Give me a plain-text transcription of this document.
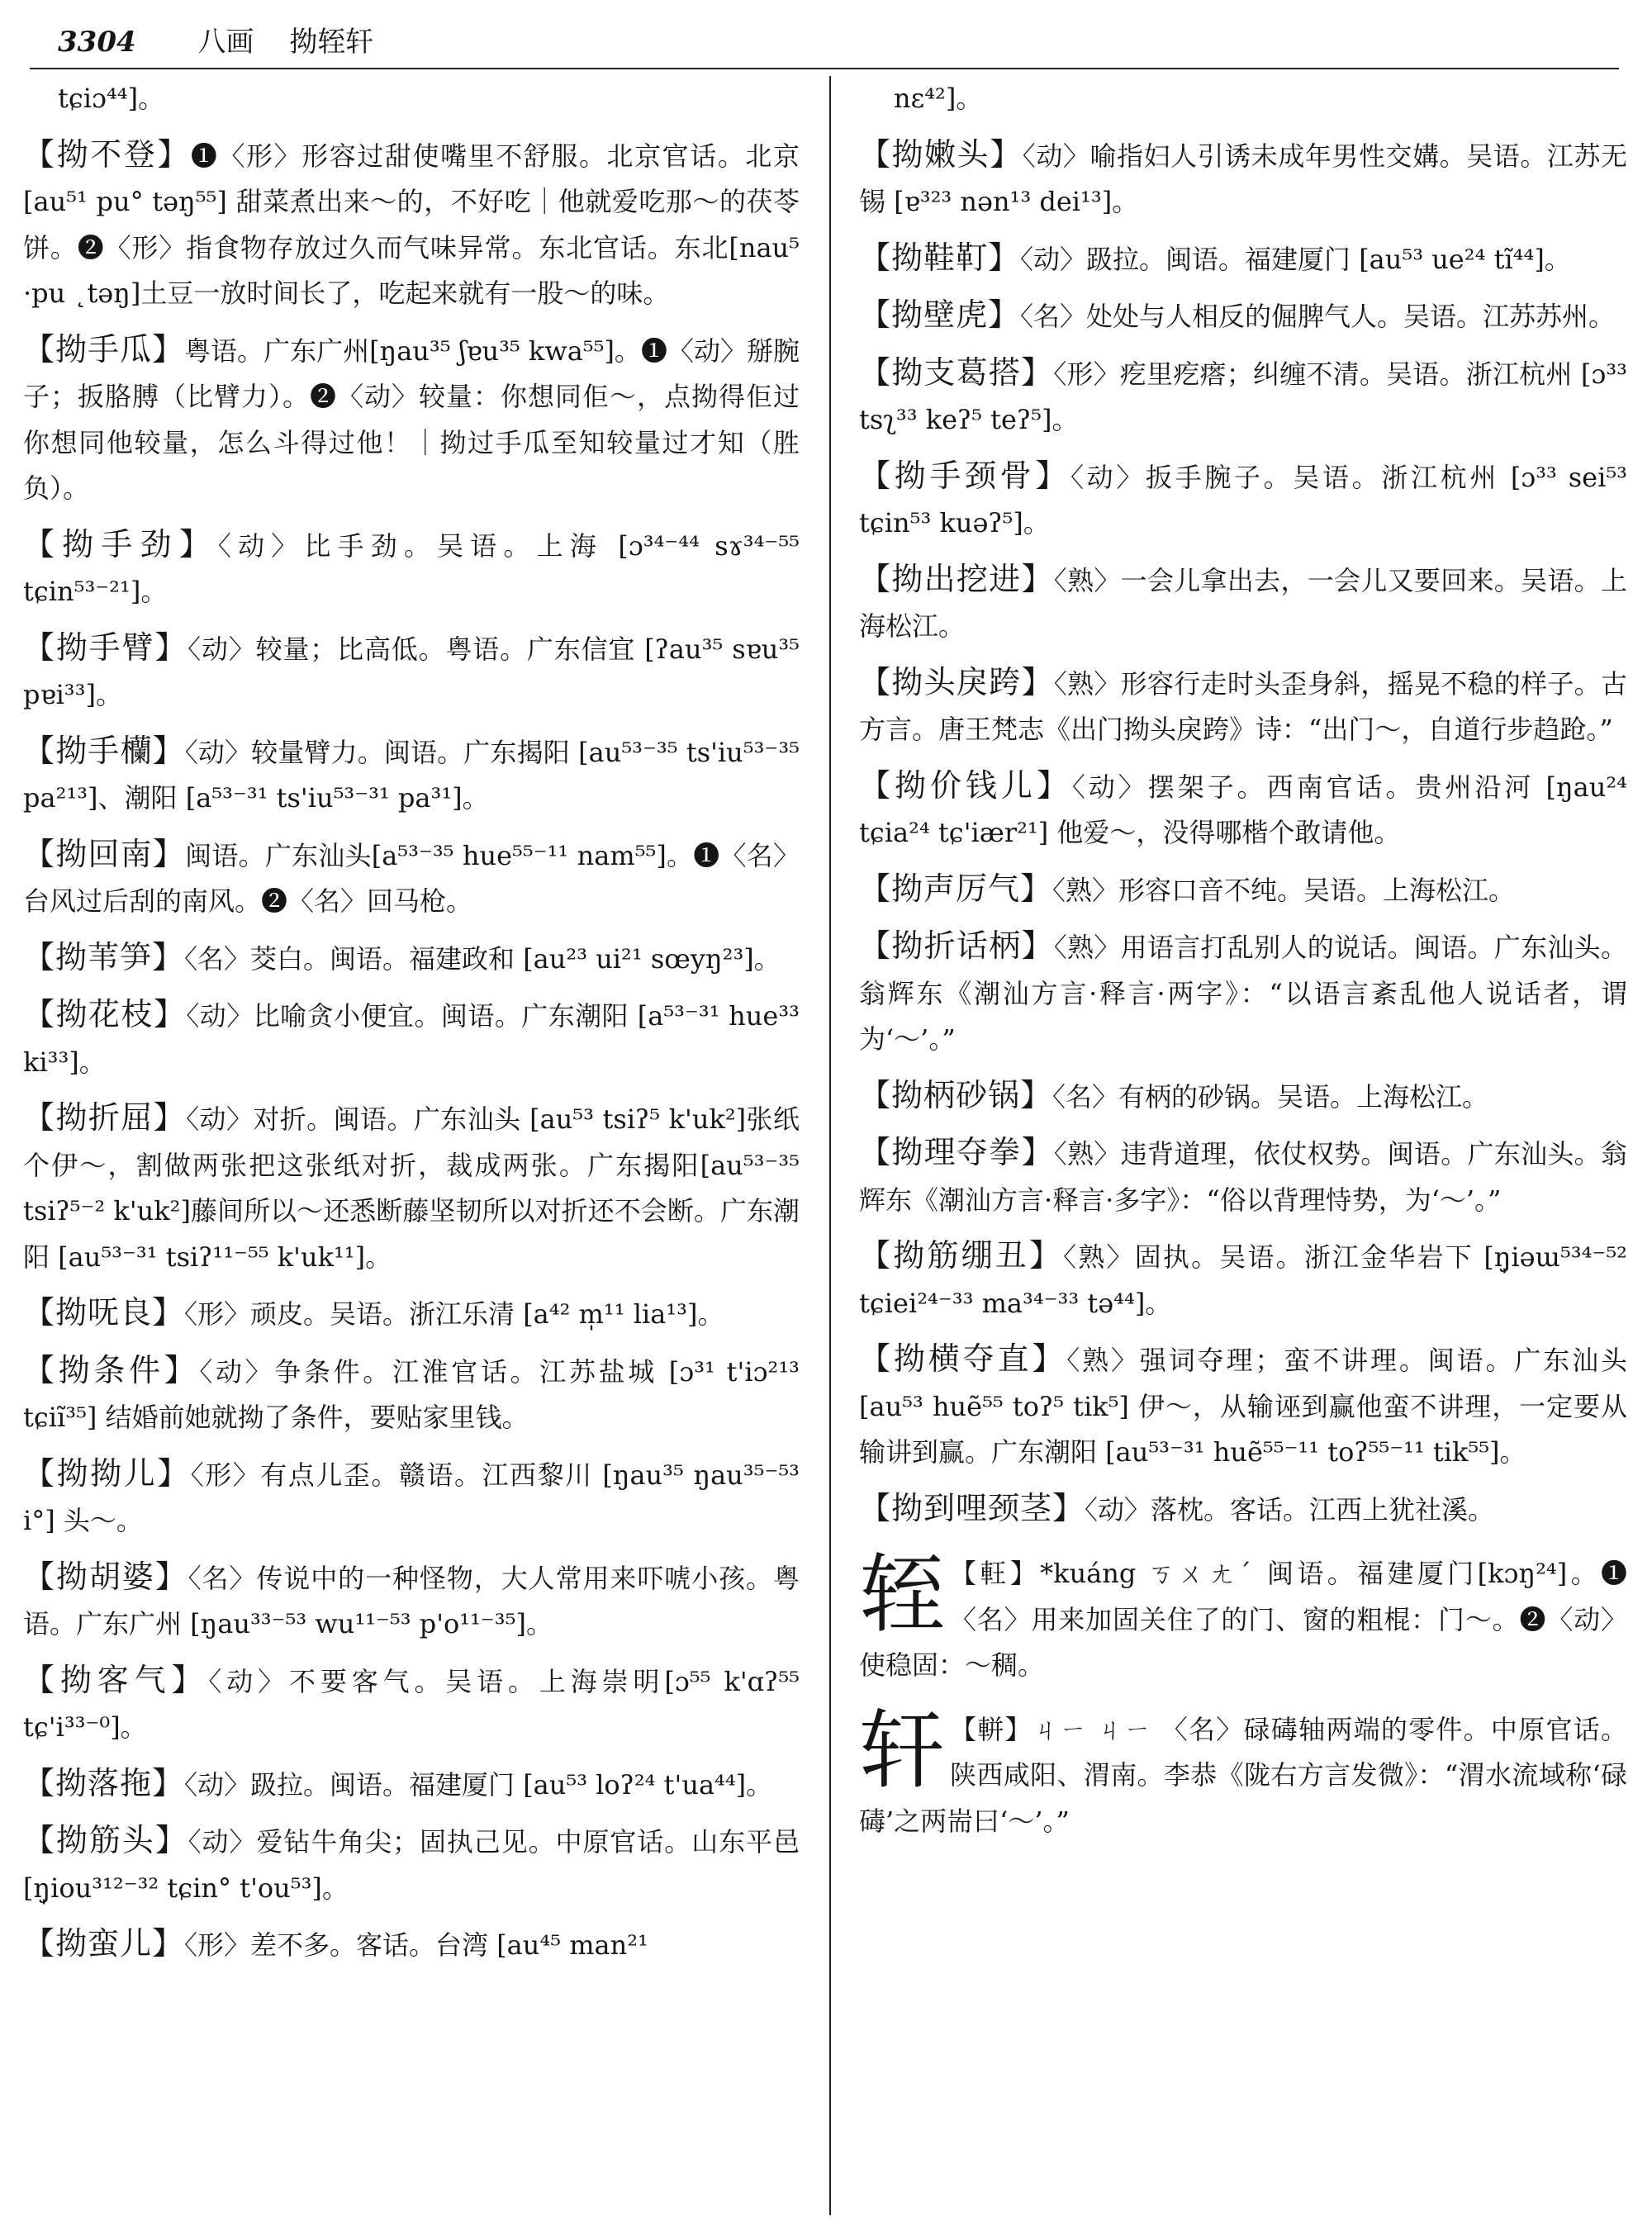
3304 八画 拗轾轩
tɕiɔ⁴⁴]。
【拗不登】❶〈形〉形容过甜使嘴里不舒服。北京官话。北京 [au⁵¹ pu° təŋ⁵⁵] 甜菜煮出来～的，不好吃｜他就爱吃那～的茯苓饼。❷〈形〉指食物存放过久而气味异常。东北官话。东北[nau⁵ ·pu ˛təŋ]土豆一放时间长了，吃起来就有一股～的味。
【拗手瓜】粤语。广东广州[ŋau³⁵ ʃɐu³⁵ kwa⁵⁵]。❶〈动〉掰腕子；扳胳膊（比臂力）。❷〈动〉较量：你想同佢～，点拗得佢过你想同他较量，怎么斗得过他！｜拗过手瓜至知较量过才知（胜负）。
【拗手劲】〈动〉比手劲。吴语。上海 [ɔ³⁴⁻⁴⁴ sɤ³⁴⁻⁵⁵ tɕin⁵³⁻²¹]。
【拗手臂】〈动〉较量；比高低。粤语。广东信宜 [ʔau³⁵ sɐu³⁵ pɐi³³]。
【拗手欗】〈动〉较量臂力。闽语。广东揭阳 [au⁵³⁻³⁵ ts'iu⁵³⁻³⁵ pa²¹³]、潮阳 [a⁵³⁻³¹ ts'iu⁵³⁻³¹ pa³¹]。
【拗回南】闽语。广东汕头[a⁵³⁻³⁵ hue⁵⁵⁻¹¹ nam⁵⁵]。❶〈名〉台风过后刮的南风。❷〈名〉回马枪。
【拗苇笋】〈名〉茭白。闽语。福建政和 [au²³ ui²¹ sœyŋ²³]。
【拗花枝】〈动〉比喻贪小便宜。闽语。广东潮阳 [a⁵³⁻³¹ hue³³ ki³³]。
【拗折屈】〈动〉对折。闽语。广东汕头 [au⁵³ tsiʔ⁵ k'uk²]张纸个伊～，割做两张把这张纸对折，裁成两张。广东揭阳[au⁵³⁻³⁵ tsiʔ⁵⁻² k'uk²]藤间所以～还悉断藤坚韧所以对折还不会断。广东潮阳 [au⁵³⁻³¹ tsiʔ¹¹⁻⁵⁵ k'uk¹¹]。
【拗呒良】〈形〉顽皮。吴语。浙江乐清 [a⁴² m̩¹¹ lia¹³]。
【拗条件】〈动〉争条件。江淮官话。江苏盐城 [ɔ³¹ t'iɔ²¹³ tɕiĩ³⁵] 结婚前她就拗了条件，要贴家里钱。
【拗拗儿】〈形〉有点儿歪。赣语。江西黎川 [ŋau³⁵ ŋau³⁵⁻⁵³ i°] 头～。
【拗胡婆】〈名〉传说中的一种怪物，大人常用来吓唬小孩。粤语。广东广州 [ŋau³³⁻⁵³ wu¹¹⁻⁵³ p'o¹¹⁻³⁵]。
【拗客气】〈动〉不要客气。吴语。上海崇明[ɔ⁵⁵ k'ɑʔ⁵⁵ tɕ'i³³⁻⁰]。
【拗落拖】〈动〉趿拉。闽语。福建厦门 [au⁵³ loʔ²⁴ t'ua⁴⁴]。
【拗筋头】〈动〉爱钻牛角尖；固执己见。中原官话。山东平邑 [ŋ̩iou³¹²⁻³² tɕin° t'ou⁵³]。
【拗蛮儿】〈形〉差不多。客话。台湾 [au⁴⁵ man²¹
nɛ⁴²]。
【拗嫩头】〈动〉喻指妇人引诱未成年男性交媾。吴语。江苏无锡 [ɐ³²³ nən¹³ dei¹³]。
【拗鞋靪】〈动〉趿拉。闽语。福建厦门 [au⁵³ ue²⁴ tĩ⁴⁴]。
【拗壁虎】〈名〉处处与人相反的倔脾气人。吴语。江苏苏州。
【拗支葛搭】〈形〉疙里疙瘩；纠缠不清。吴语。浙江杭州 [ɔ³³ tsʅ³³ keʔ⁵ teʔ⁵]。
【拗手颈骨】〈动〉扳手腕子。吴语。浙江杭州 [ɔ³³ sei⁵³ tɕin⁵³ kuəʔ⁵]。
【拗出挖进】〈熟〉一会儿拿出去，一会儿又要回来。吴语。上海松江。
【拗头戾跨】〈熟〉形容行走时头歪身斜，摇晃不稳的样子。古方言。唐王梵志《出门拗头戾跨》诗：“出门～，自道行步趋跄。”
【拗价钱儿】〈动〉摆架子。西南官话。贵州沿河 [ŋau²⁴ tɕia²⁴ tɕ'iær²¹] 他爱～，没得哪楷个敢请他。
【拗声厉气】〈熟〉形容口音不纯。吴语。上海松江。
【拗折话柄】〈熟〉用语言打乱别人的说话。闽语。广东汕头。翁辉东《潮汕方言·释言·两字》：“以语言紊乱他人说话者，谓为‘～’。”
【拗柄砂锅】〈名〉有柄的砂锅。吴语。上海松江。
【拗理夺拳】〈熟〉违背道理，依仗权势。闽语。广东汕头。翁辉东《潮汕方言·释言·多字》：“俗以背理恃势，为‘～’。”
【拗筋绷丑】〈熟〉固执。吴语。浙江金华岩下 [ŋ̩iəɯ⁵³⁴⁻⁵² tɕiei²⁴⁻³³ ma³⁴⁻³³ tə⁴⁴]。
【拗横夺直】〈熟〉强词夺理；蛮不讲理。闽语。广东汕头 [au⁵³ huẽ⁵⁵ toʔ⁵ tik⁵] 伊～，从输诬到赢他蛮不讲理，一定要从输讲到赢。广东潮阳 [au⁵³⁻³¹ huẽ⁵⁵⁻¹¹ toʔ⁵⁵⁻¹¹ tik⁵⁵]。
【拗到哩颈茎】〈动〉落枕。客话。江西上犹社溪。
轾 【軖】*kuáng ㄎㄨㄤˊ 闽语。福建厦门[kɔŋ²⁴]。❶〈名〉用来加固关住了的门、窗的粗棍：门～。❷〈动〉使稳固：～稠。
轩 【軿】ㄐㄧ ㄐㄧ 〈名〉碌碡轴两端的零件。中原官话。陕西咸阳、渭南。李恭《陇右方言发微》：“渭水流域称‘碌碡’之两耑曰‘～’。”
